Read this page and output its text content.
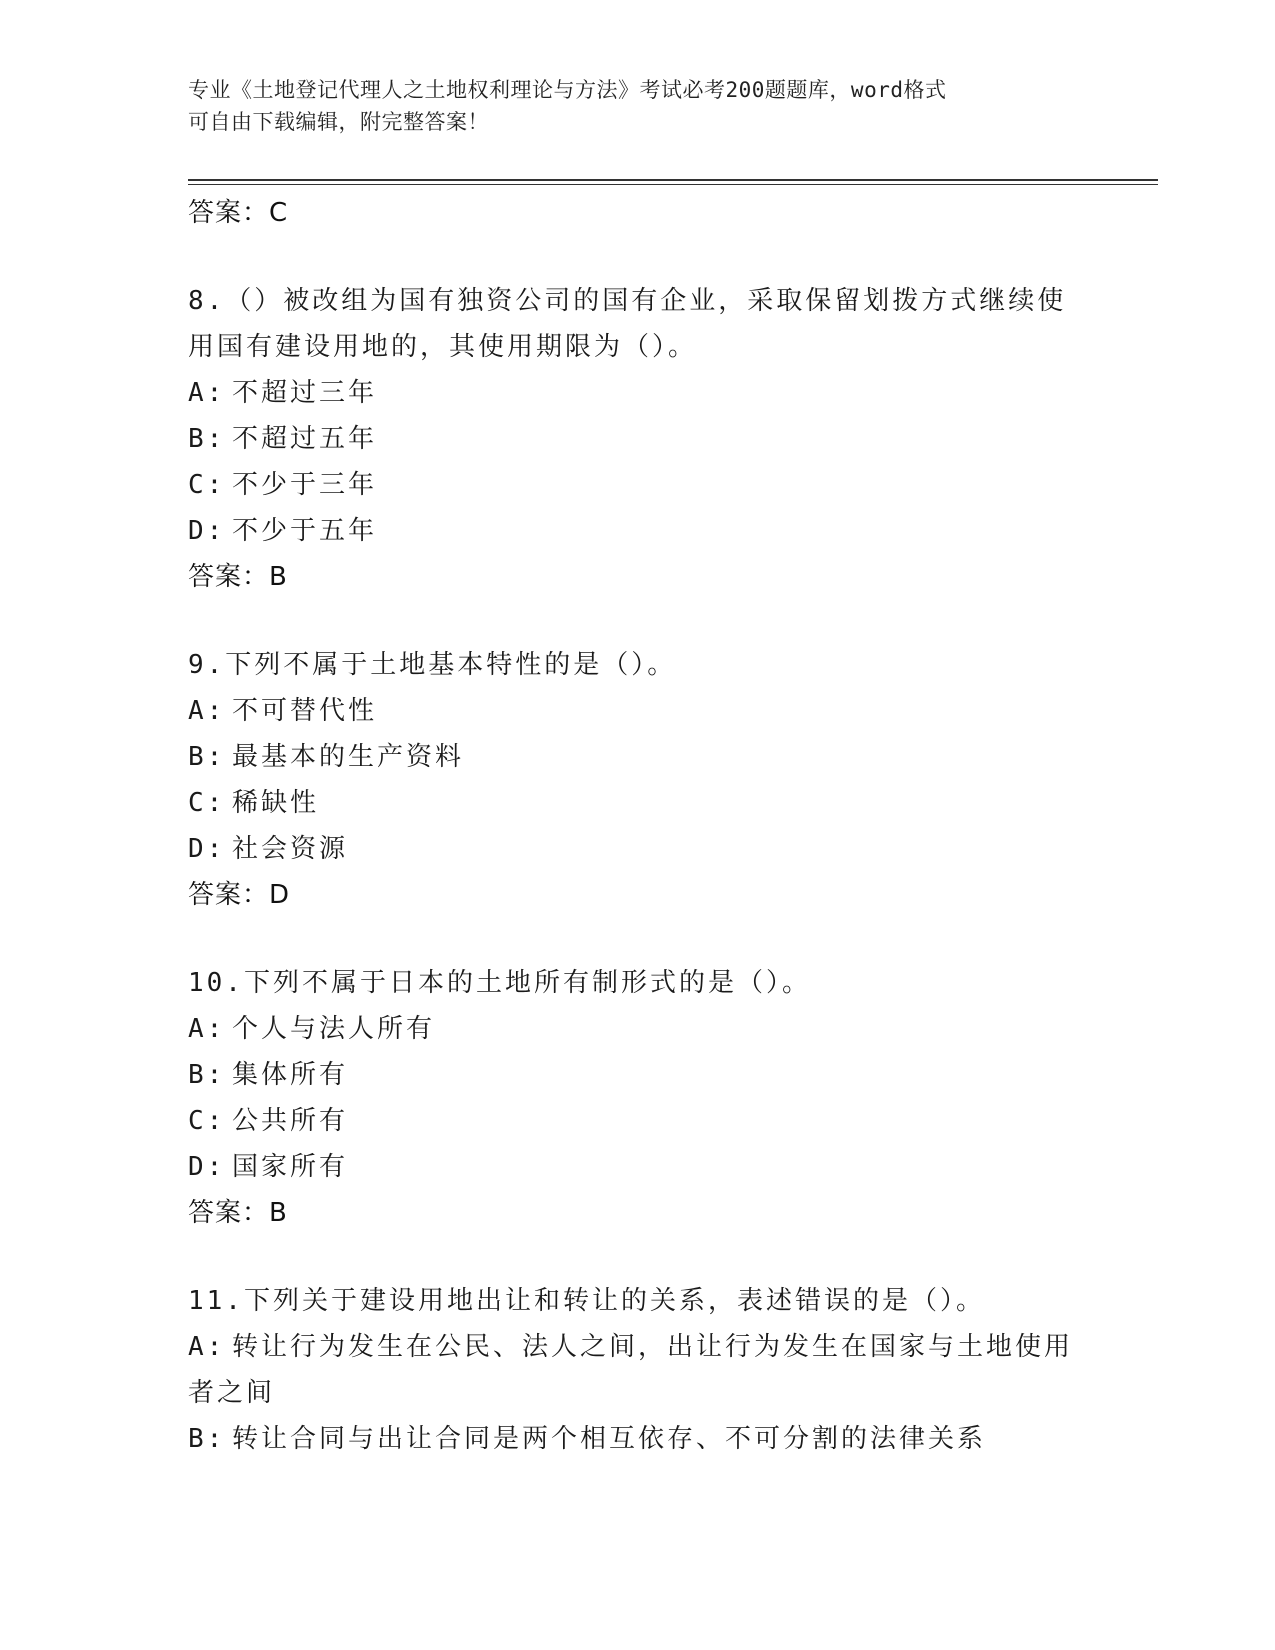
专业《土地登记代理人之土地权利理论与方法》考试必考200题题库，word格式
可自由下载编辑，附完整答案！
答案：C
8.（）被改组为国有独资公司的国有企业，采取保留划拨方式继续使
用国有建设用地的，其使用期限为（）。
A: 不超过三年
B: 不超过五年
C: 不少于三年
D: 不少于五年
答案：B
9.下列不属于土地基本特性的是（）。
A: 不可替代性
B: 最基本的生产资料
C: 稀缺性
D: 社会资源
答案：D
10.下列不属于日本的土地所有制形式的是（）。
A: 个人与法人所有
B: 集体所有
C: 公共所有
D: 国家所有
答案：B
11.下列关于建设用地出让和转让的关系，表述错误的是（）。
A: 转让行为发生在公民、法人之间，出让行为发生在国家与土地使用
者之间
B: 转让合同与出让合同是两个相互依存、不可分割的法律关系
